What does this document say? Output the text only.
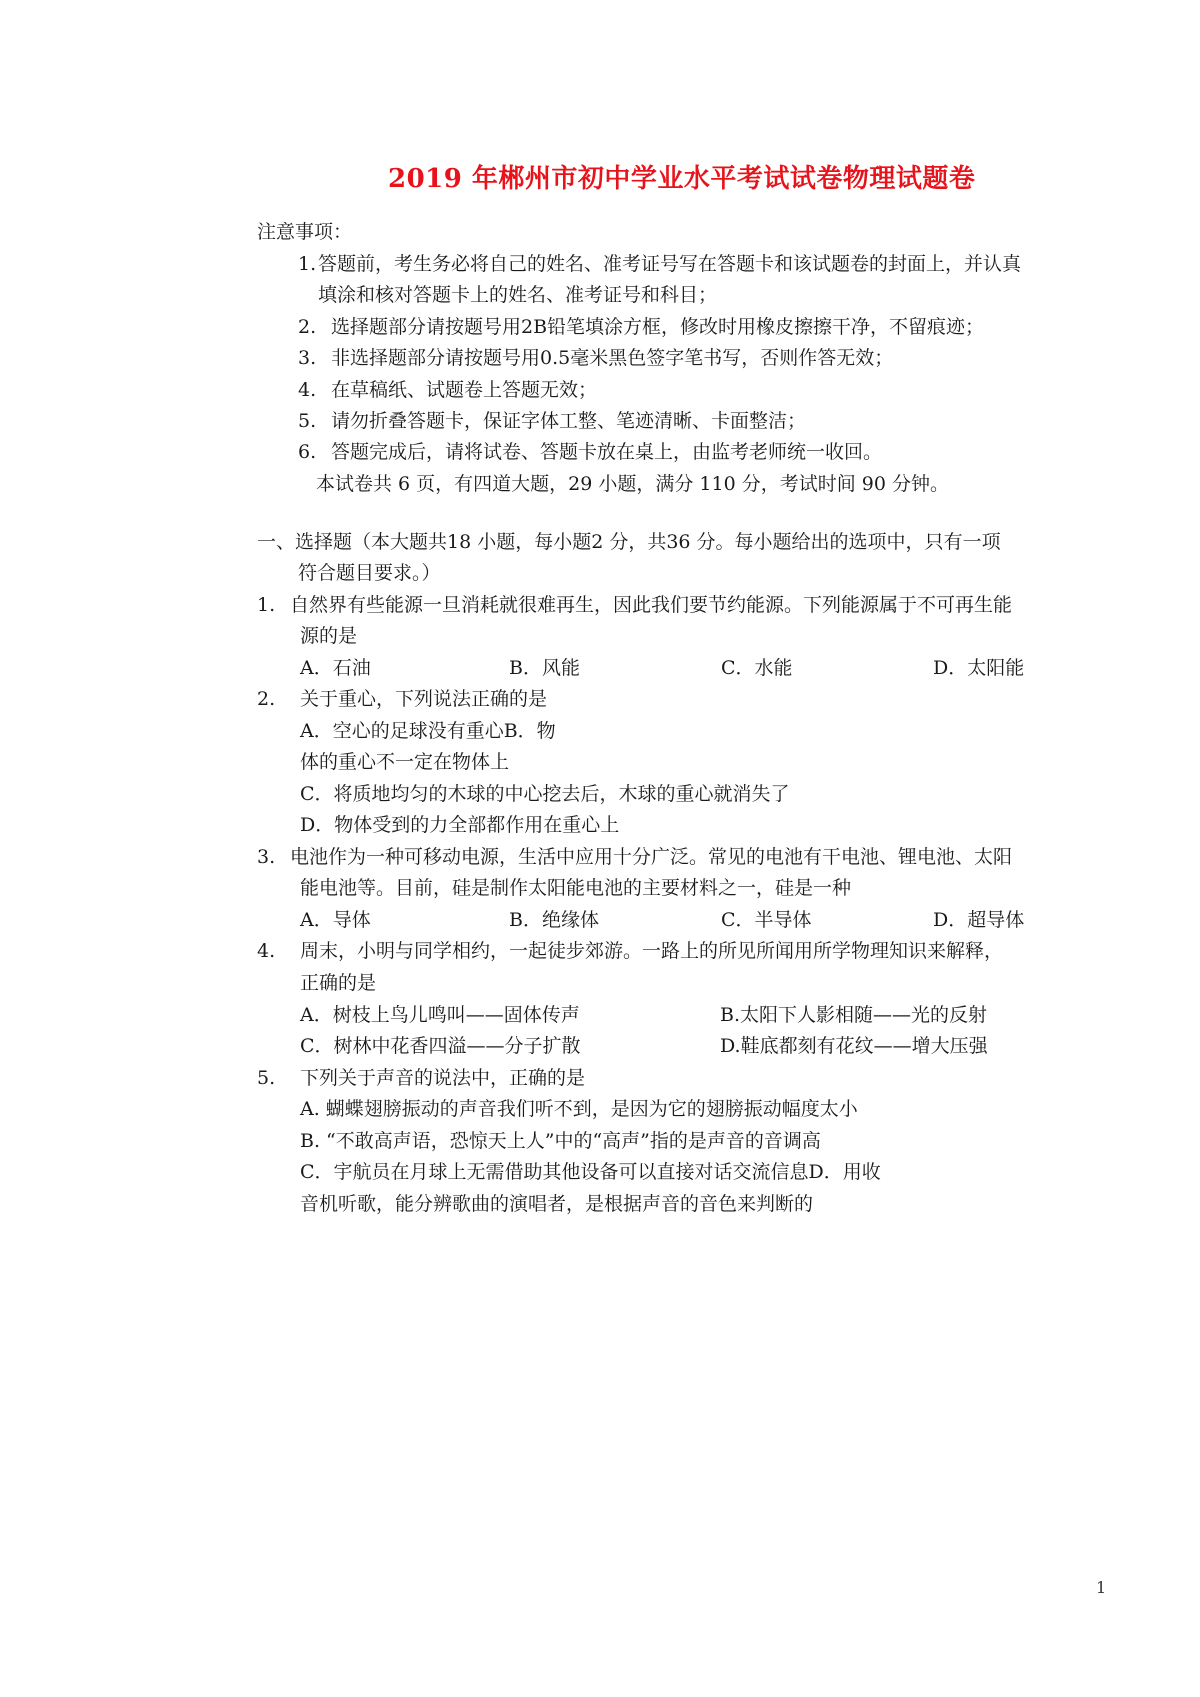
2019 年郴州市初中学业水平考试试卷物理试题卷
注意事项：
1. 答题前，考生务必将自己的姓名、准考证号写在答题卡和该试题卷的封面上，并认真
填涂和核对答题卡上的姓名、准考证号和科目；
2. 选择题部分请按题号用2B铅笔填涂方框，修改时用橡皮擦擦干净，不留痕迹；
3. 非选择题部分请按题号用0.5毫米黑色签字笔书写，否则作答无效；
4. 在草稿纸、试题卷上答题无效；
5. 请勿折叠答题卡，保证字体工整、笔迹清晰、卡面整洁；
6. 答题完成后，请将试卷、答题卡放在桌上，由监考老师统一收回。
本试卷共 6 页，有四道大题，29 小题，满分 110 分，考试时间 90 分钟。
一、选择题（本大题共18 小题，每小题2 分，共36 分。每小题给出的选项中，只有一项
符合题目要求。）
1. 自然界有些能源一旦消耗就很难再生，因此我们要节约能源。下列能源属于不可再生能
源的是
A．石油	B．风能	C．水能	D．太阳能
2. 关于重心，下列说法正确的是
A．空心的足球没有重心B．物
体的重心不一定在物体上
C．将质地均匀的木球的中心挖去后，木球的重心就消失了
D．物体受到的力全部都作用在重心上
3. 电池作为一种可移动电源，生活中应用十分广泛。常见的电池有干电池、锂电池、太阳
能电池等。目前，硅是制作太阳能电池的主要材料之一，硅是一种
A．导体	B．绝缘体	C．半导体	D．超导体
4. 周末，小明与同学相约，一起徒步郊游。一路上的所见所闻用所学物理知识来解释，
正确的是
A．树枝上鸟儿鸣叫——固体传声	B.太阳下人影相随——光的反射
C．树林中花香四溢——分子扩散	D.鞋底都刻有花纹——增大压强
5. 下列关于声音的说法中，正确的是
A. 蝴蝶翅膀振动的声音我们听不到，是因为它的翅膀振动幅度太小
B. “不敢高声语，恐惊天上人”中的“高声”指的是声音的音调高
C．宇航员在月球上无需借助其他设备可以直接对话交流信息D．用收
音机听歌，能分辨歌曲的演唱者，是根据声音的音色来判断的
1
